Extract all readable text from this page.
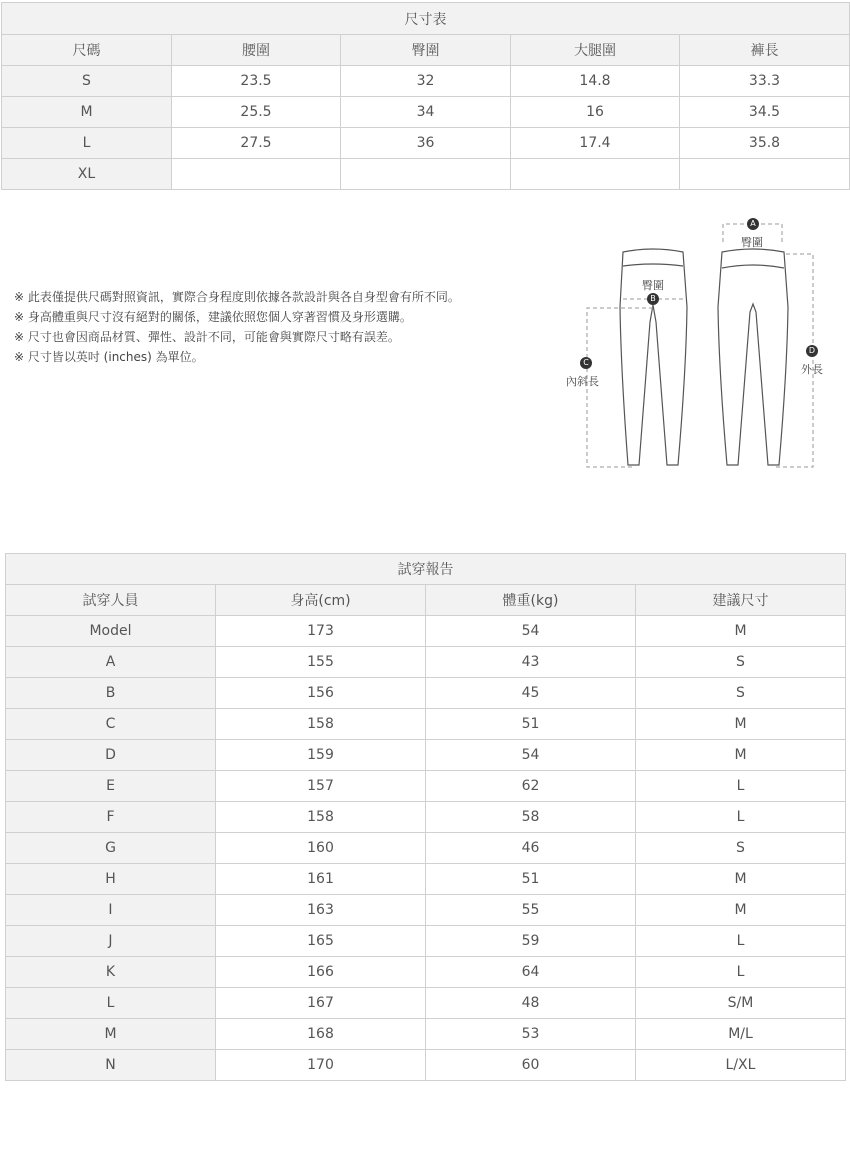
尺寸表				
尺碼	腰圍	臀圍	大腿圍	褲長
S	23.5	32	14.8	33.3
M	25.5	34	16	34.5
L	27.5	36	17.4	35.8
XL				
※ 此表僅提供尺碼對照資訊，實際合身程度則依據各款設計與各自身型會有所不同。
※ 身高體重與尺寸沒有絕對的關係，建議依照您個人穿著習慣及身形選購。
※ 尺寸也會因商品材質、彈性、設計不同，可能會與實際尺寸略有誤差。
※ 尺寸皆以英吋 (inches) 為單位。
A
臀圍
臀圍
B
C
內斜長
D
外長
試穿報告			
試穿人員	身高(cm)	體重(kg)	建議尺寸
Model	173	54	M
A	155	43	S
B	156	45	S
C	158	51	M
D	159	54	M
E	157	62	L
F	158	58	L
G	160	46	S
H	161	51	M
I	163	55	M
J	165	59	L
K	166	64	L
L	167	48	S/M
M	168	53	M/L
N	170	60	L/XL
